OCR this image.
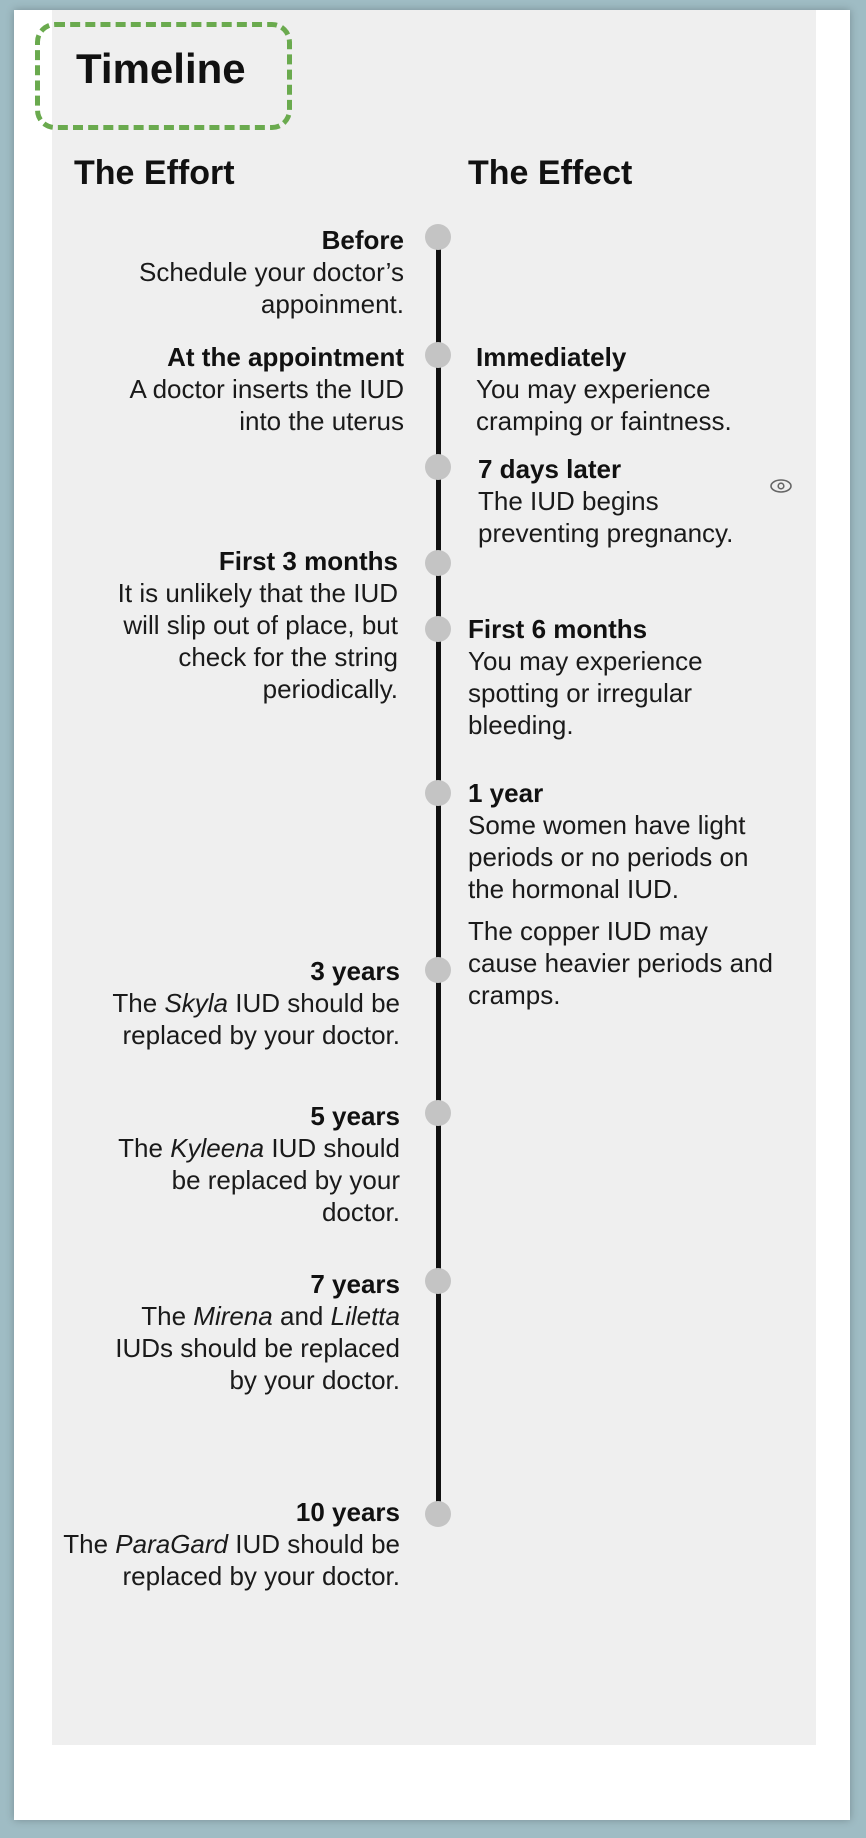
Timeline
The Effort	The Effect
Before
Schedule your doctor’s appoinment.
At the appointment
A doctor inserts the IUD into the uterus
First 3 months
It is unlikely that the IUD will slip out of place, but check for the string periodically.
3 years
The Skyla IUD should be replaced by your doctor.
5 years
The Kyleena IUD should be replaced by your doctor.
7 years
The Mirena and Liletta IUDs should be replaced by your doctor.
10 years
The ParaGard IUD should be replaced by your doctor.
Immediately
You may experience cramping or faintness.
7 days later
The IUD begins preventing pregnancy.
First 6 months
You may experience spotting or irregular bleeding.
1 year
Some women have light periods or no periods on the hormonal IUD.
The copper IUD may cause heavier periods and cramps.
